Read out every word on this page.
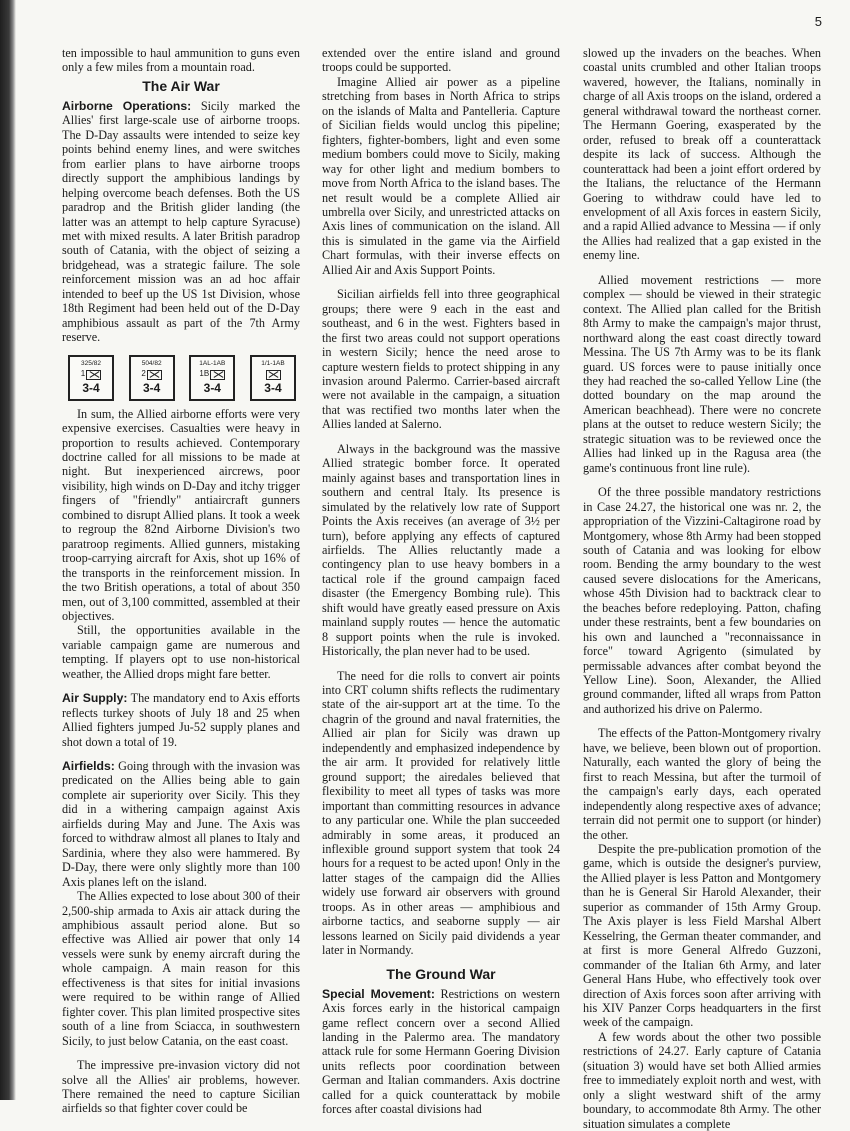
5

ten impossible to haul ammunition to guns even only a few miles from a mountain road.

The Air War

Airborne Operations: Sicily marked the Allies' first large-scale use of airborne troops. The D-Day assaults were intended to seize key points behind enemy lines, and were switches from earlier plans to have airborne troops directly support the amphibious landings by helping overcome beach defenses. Both the US paradrop and the British glider landing (the latter was an attempt to help capture Syracuse) met with mixed results. A later British paradrop south of Catania, with the object of seizing a bridgehead, was a strategic failure. The sole reinforcement mission was an ad hoc affair intended to beef up the US 1st Division, whose 18th Regiment had been held out of the D-Day amphibious assault as part of the 7th Army reserve.

325/82
1
3-4
504/82
2
3-4
1AL-1AB
1B
3-4
1/1-1AB
3-4

In sum, the Allied airborne efforts were very expensive exercises. Casualties were heavy in proportion to results achieved. Contemporary doctrine called for all missions to be made at night. But inexperienced aircrews, poor visibility, high winds on D-Day and itchy trigger fingers of "friendly" antiaircraft gunners combined to disrupt Allied plans. It took a week to regroup the 82nd Airborne Division's two paratroop regiments. Allied gunners, mistaking troop-carrying aircraft for Axis, shot up 16% of the transports in the reinforcement mission. In the two British operations, a total of about 350 men, out of 3,100 committed, assembled at their objectives.

Still, the opportunities available in the variable campaign game are numerous and tempting. If players opt to use non-historical weather, the Allied drops might fare better.

Air Supply: The mandatory end to Axis efforts reflects turkey shoots of July 18 and 25 when Allied fighters jumped Ju-52 supply planes and shot down a total of 19.

Airfields: Going through with the invasion was predicated on the Allies being able to gain complete air superiority over Sicily. This they did in a withering campaign against Axis airfields during May and June. The Axis was forced to withdraw almost all planes to Italy and Sardinia, where they also were hammered. By D-Day, there were only slightly more than 100 Axis planes left on the island.

The Allies expected to lose about 300 of their 2,500-ship armada to Axis air attack during the amphibious assault period alone. But so effective was Allied air power that only 14 vessels were sunk by enemy aircraft during the whole campaign. A main reason for this effectiveness is that sites for initial invasions were required to be within range of Allied fighter cover. This plan limited prospective sites south of a line from Sciacca, in southwestern Sicily, to just below Catania, on the east coast.

The impressive pre-invasion victory did not solve all the Allies' air problems, however. There remained the need to capture Sicilian airfields so that fighter cover could be

extended over the entire island and ground troops could be supported.

Imagine Allied air power as a pipeline stretching from bases in North Africa to strips on the islands of Malta and Pantelleria. Capture of Sicilian fields would unclog this pipeline; fighters, fighter-bombers, light and even some medium bombers could move to Sicily, making way for other light and medium bombers to move from North Africa to the island bases. The net result would be a complete Allied air umbrella over Sicily, and unrestricted attacks on Axis lines of communication on the island. All this is simulated in the game via the Airfield Chart formulas, with their inverse effects on Allied Air and Axis Support Points.

Sicilian airfields fell into three geographical groups; there were 9 each in the east and southeast, and 6 in the west. Fighters based in the first two areas could not support operations in western Sicily; hence the need arose to capture western fields to protect shipping in any invasion around Palermo. Carrier-based aircraft were not available in the campaign, a situation that was rectified two months later when the Allies landed at Salerno.

Always in the background was the massive Allied strategic bomber force. It operated mainly against bases and transportation lines in southern and central Italy. Its presence is simulated by the relatively low rate of Support Points the Axis receives (an average of 3½ per turn), before applying any effects of captured airfields. The Allies reluctantly made a contingency plan to use heavy bombers in a tactical role if the ground campaign faced disaster (the Emergency Bombing rule). This shift would have greatly eased pressure on Axis mainland supply routes — hence the automatic 8 support points when the rule is invoked. Historically, the plan never had to be used.

The need for die rolls to convert air points into CRT column shifts reflects the rudimentary state of the air-support art at the time. To the chagrin of the ground and naval fraternities, the Allied air plan for Sicily was drawn up independently and emphasized independence by the air arm. It provided for relatively little ground support; the airedales believed that flexibility to meet all types of tasks was more important than committing resources in advance to any particular one. While the plan succeeded admirably in some areas, it produced an inflexible ground support system that took 24 hours for a request to be acted upon! Only in the latter stages of the campaign did the Allies widely use forward air observers with ground troops. As in other areas — amphibious and airborne tactics, and seaborne supply — air lessons learned on Sicily paid dividends a year later in Normandy.

The Ground War

Special Movement: Restrictions on western Axis forces early in the historical campaign game reflect concern over a second Allied landing in the Palermo area. The mandatory attack rule for some Hermann Goering Division units reflects poor coordination between German and Italian commanders. Axis doctrine called for a quick counterattack by mobile forces after coastal divisions had

slowed up the invaders on the beaches. When coastal units crumbled and other Italian troops wavered, however, the Italians, nominally in charge of all Axis troops on the island, ordered a general withdrawal toward the northeast corner. The Hermann Goering, exasperated by the order, refused to break off a counterattack despite its lack of success. Although the counterattack had been a joint effort ordered by the Italians, the reluctance of the Hermann Goering to withdraw could have led to envelopment of all Axis forces in eastern Sicily, and a rapid Allied advance to Messina — if only the Allies had realized that a gap existed in the enemy line.

Allied movement restrictions — more complex — should be viewed in their strategic context. The Allied plan called for the British 8th Army to make the campaign's major thrust, northward along the east coast directly toward Messina. The US 7th Army was to be its flank guard. US forces were to pause initially once they had reached the so-called Yellow Line (the dotted boundary on the map around the American beachhead). There were no concrete plans at the outset to reduce western Sicily; the strategic situation was to be reviewed once the Allies had linked up in the Ragusa area (the game's continuous front line rule).

Of the three possible mandatory restrictions in Case 24.27, the historical one was nr. 2, the appropriation of the Vizzini-Caltagirone road by Montgomery, whose 8th Army had been stopped south of Catania and was looking for elbow room. Bending the army boundary to the west caused severe dislocations for the Americans, whose 45th Division had to backtrack clear to the beaches before redeploying. Patton, chafing under these restraints, bent a few boundaries on his own and launched a "reconnaissance in force" toward Agrigento (simulated by permissable advances after combat beyond the Yellow Line). Soon, Alexander, the Allied ground commander, lifted all wraps from Patton and authorized his drive on Palermo.

The effects of the Patton-Montgomery rivalry have, we believe, been blown out of proportion. Naturally, each wanted the glory of being the first to reach Messina, but after the turmoil of the campaign's early days, each operated independently along respective axes of advance; terrain did not permit one to support (or hinder) the other.

Despite the pre-publication promotion of the game, which is outside the designer's purview, the Allied player is less Patton and Montgomery than he is General Sir Harold Alexander, their superior as commander of 15th Army Group. The Axis player is less Field Marshal Albert Kesselring, the German theater commander, and at first is more General Alfredo Guzzoni, commander of the Italian 6th Army, and later General Hans Hube, who effectively took over direction of Axis forces soon after arriving with his XIV Panzer Corps headquarters in the first week of the campaign.

A few words about the other two possible restrictions of 24.27. Early capture of Catania (situation 3) would have set both Allied armies free to immediately exploit north and west, with only a slight westward shift of the army boundary, to accommodate 8th Army. The other situation simulates a complete
